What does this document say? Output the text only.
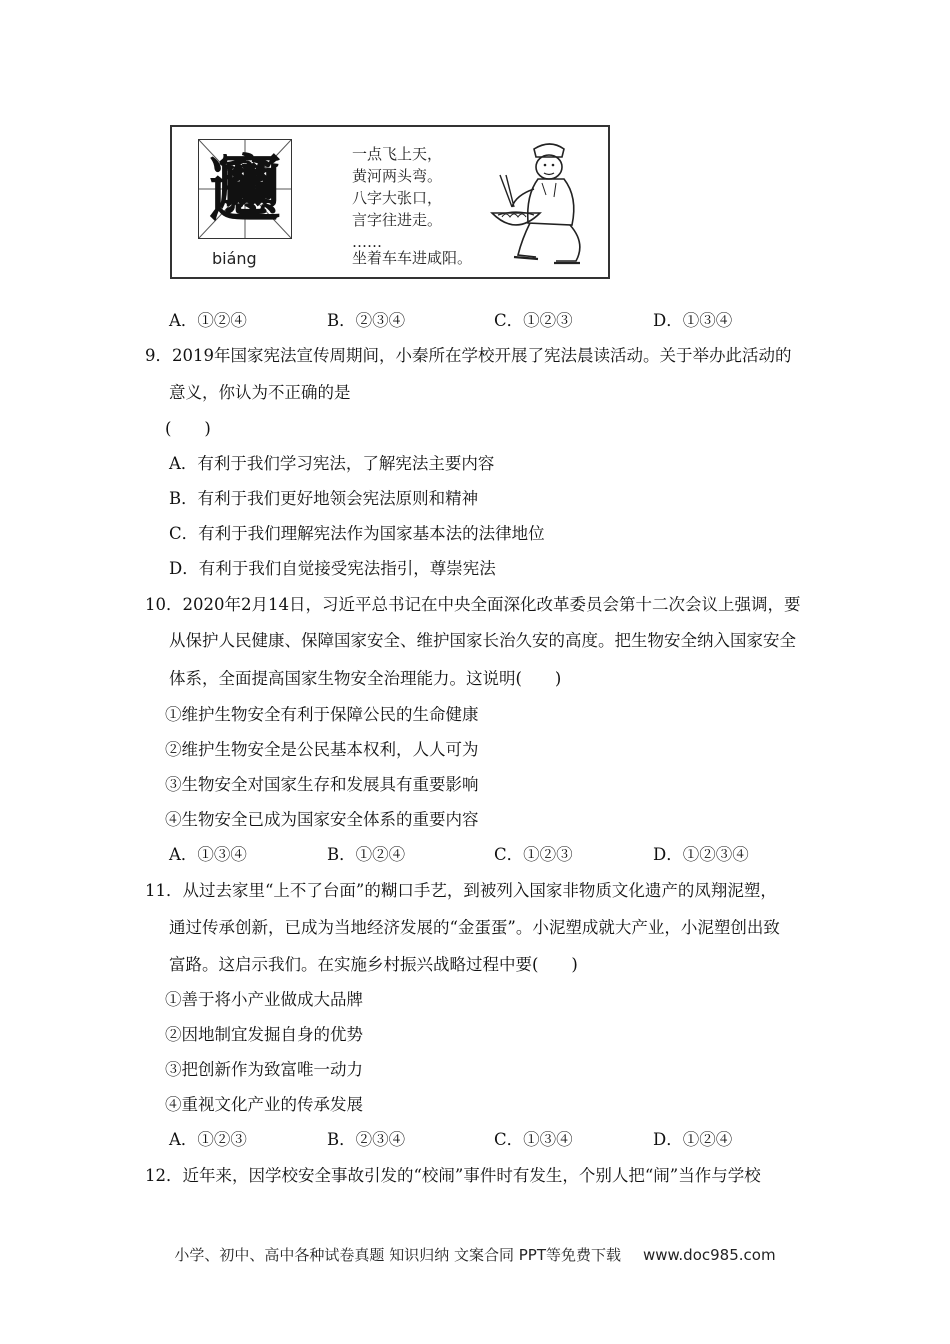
𰻞
biáng
一点飞上天，
黄河两头弯。
八字大张口，
言字往进走。
……
坐着车车进咸阳。
A．①②④	B．②③④	C．①②③	D．①③④
9．2019年国家宪法宣传周期间，小秦所在学校开展了宪法晨读活动。关于举办此活动的
意义，你认为不正确的是
(　　)
A．有利于我们学习宪法，了解宪法主要内容
B．有利于我们更好地领会宪法原则和精神
C．有利于我们理解宪法作为国家基本法的法律地位
D．有利于我们自觉接受宪法指引，尊崇宪法
10．2020年2月14日，习近平总书记在中央全面深化改革委员会第十二次会议上强调，要
从保护人民健康、保障国家安全、维护国家长治久安的高度。把生物安全纳入国家安全
体系，全面提高国家生物安全治理能力。这说明(　　)
①维护生物安全有利于保障公民的生命健康
②维护生物安全是公民基本权利，人人可为
③生物安全对国家生存和发展具有重要影响
④生物安全已成为国家安全体系的重要内容
A．①③④	B．①②④	C．①②③	D．①②③④
11．从过去家里“上不了台面”的糊口手艺，到被列入国家非物质文化遗产的凤翔泥塑，
通过传承创新，已成为当地经济发展的“金蛋蛋”。小泥塑成就大产业，小泥塑创出致
富路。这启示我们。在实施乡村振兴战略过程中要(　　)
①善于将小产业做成大品牌
②因地制宜发掘自身的优势
③把创新作为致富唯一动力
④重视文化产业的传承发展
A．①②③	B．②③④	C．①③④	D．①②④
12．近年来，因学校安全事故引发的“校闹”事件时有发生，个别人把“闹”当作与学校
小学、初中、高中各种试卷真题 知识归纳 文案合同 PPT等免费下载 www.doc985.com
